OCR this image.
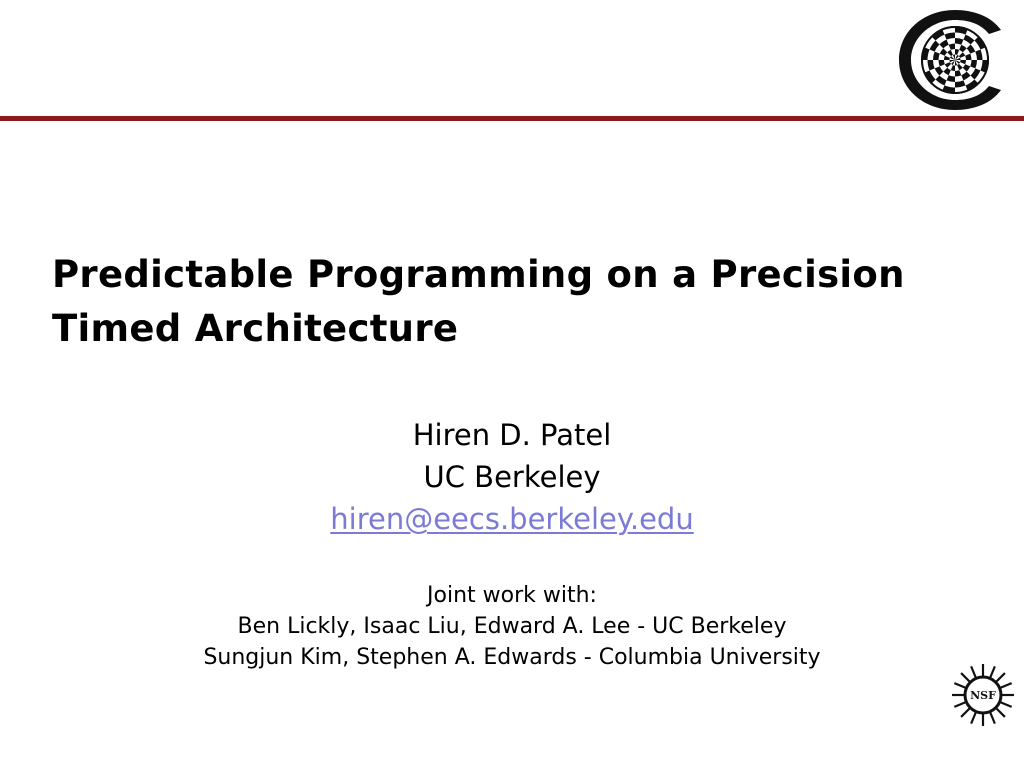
Predictable Programming on a Precision
Timed Architecture
Hiren D. Patel
UC Berkeley
hiren@eecs.berkeley.edu
Joint work with:
Ben Lickly, Isaac Liu, Edward A. Lee - UC Berkeley
Sungjun Kim, Stephen A. Edwards - Columbia University
NSF
